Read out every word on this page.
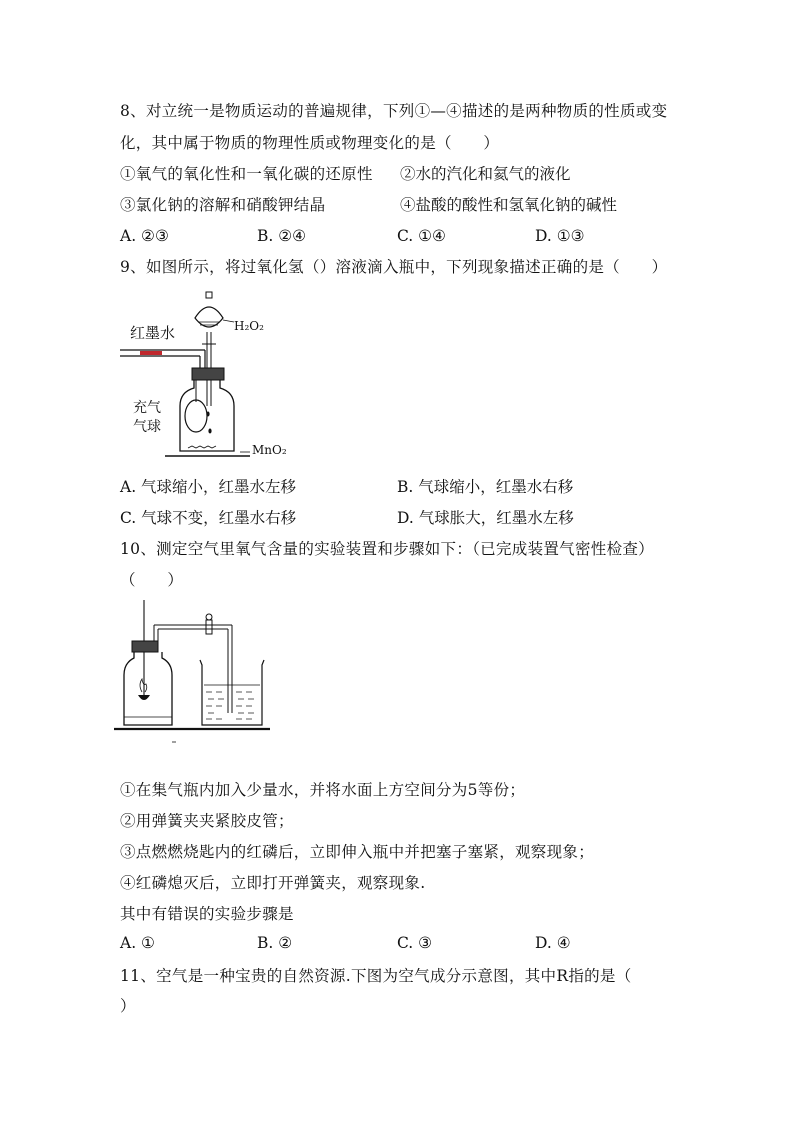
8、对立统一是物质运动的普遍规律，下列①—④描述的是两种物质的性质或变
化，其中属于物质的物理性质或物理变化的是（　　）
①氧气的氧化性和一氧化碳的还原性 ②水的汽化和氦气的液化
③氯化钠的溶解和硝酸钾结晶	④盐酸的酸性和氢氧化钠的碱性
A. ②③	B. ②④	C. ①④	D. ①③
9、如图所示，将过氧化氢（）溶液滴入瓶中，下列现象描述正确的是（　　）
红墨水	H₂O₂
充气
气球
MnO₂
A. 气球缩小，红墨水左移	B. 气球缩小，红墨水右移
C. 气球不变，红墨水右移	D. 气球胀大，红墨水左移
10、测定空气里氧气含量的实验装置和步骤如下：（已完成装置气密性检查）
（　　）
①在集气瓶内加入少量水，并将水面上方空间分为5等份；
②用弹簧夹夹紧胶皮管；
③点燃燃烧匙内的红磷后，立即伸入瓶中并把塞子塞紧，观察现象；
④红磷熄灭后，立即打开弹簧夹，观察现象.
其中有错误的实验步骤是
A. ①	B. ②	C. ③	D. ④
11、空气是一种宝贵的自然资源.下图为空气成分示意图，其中R指的是（
）
